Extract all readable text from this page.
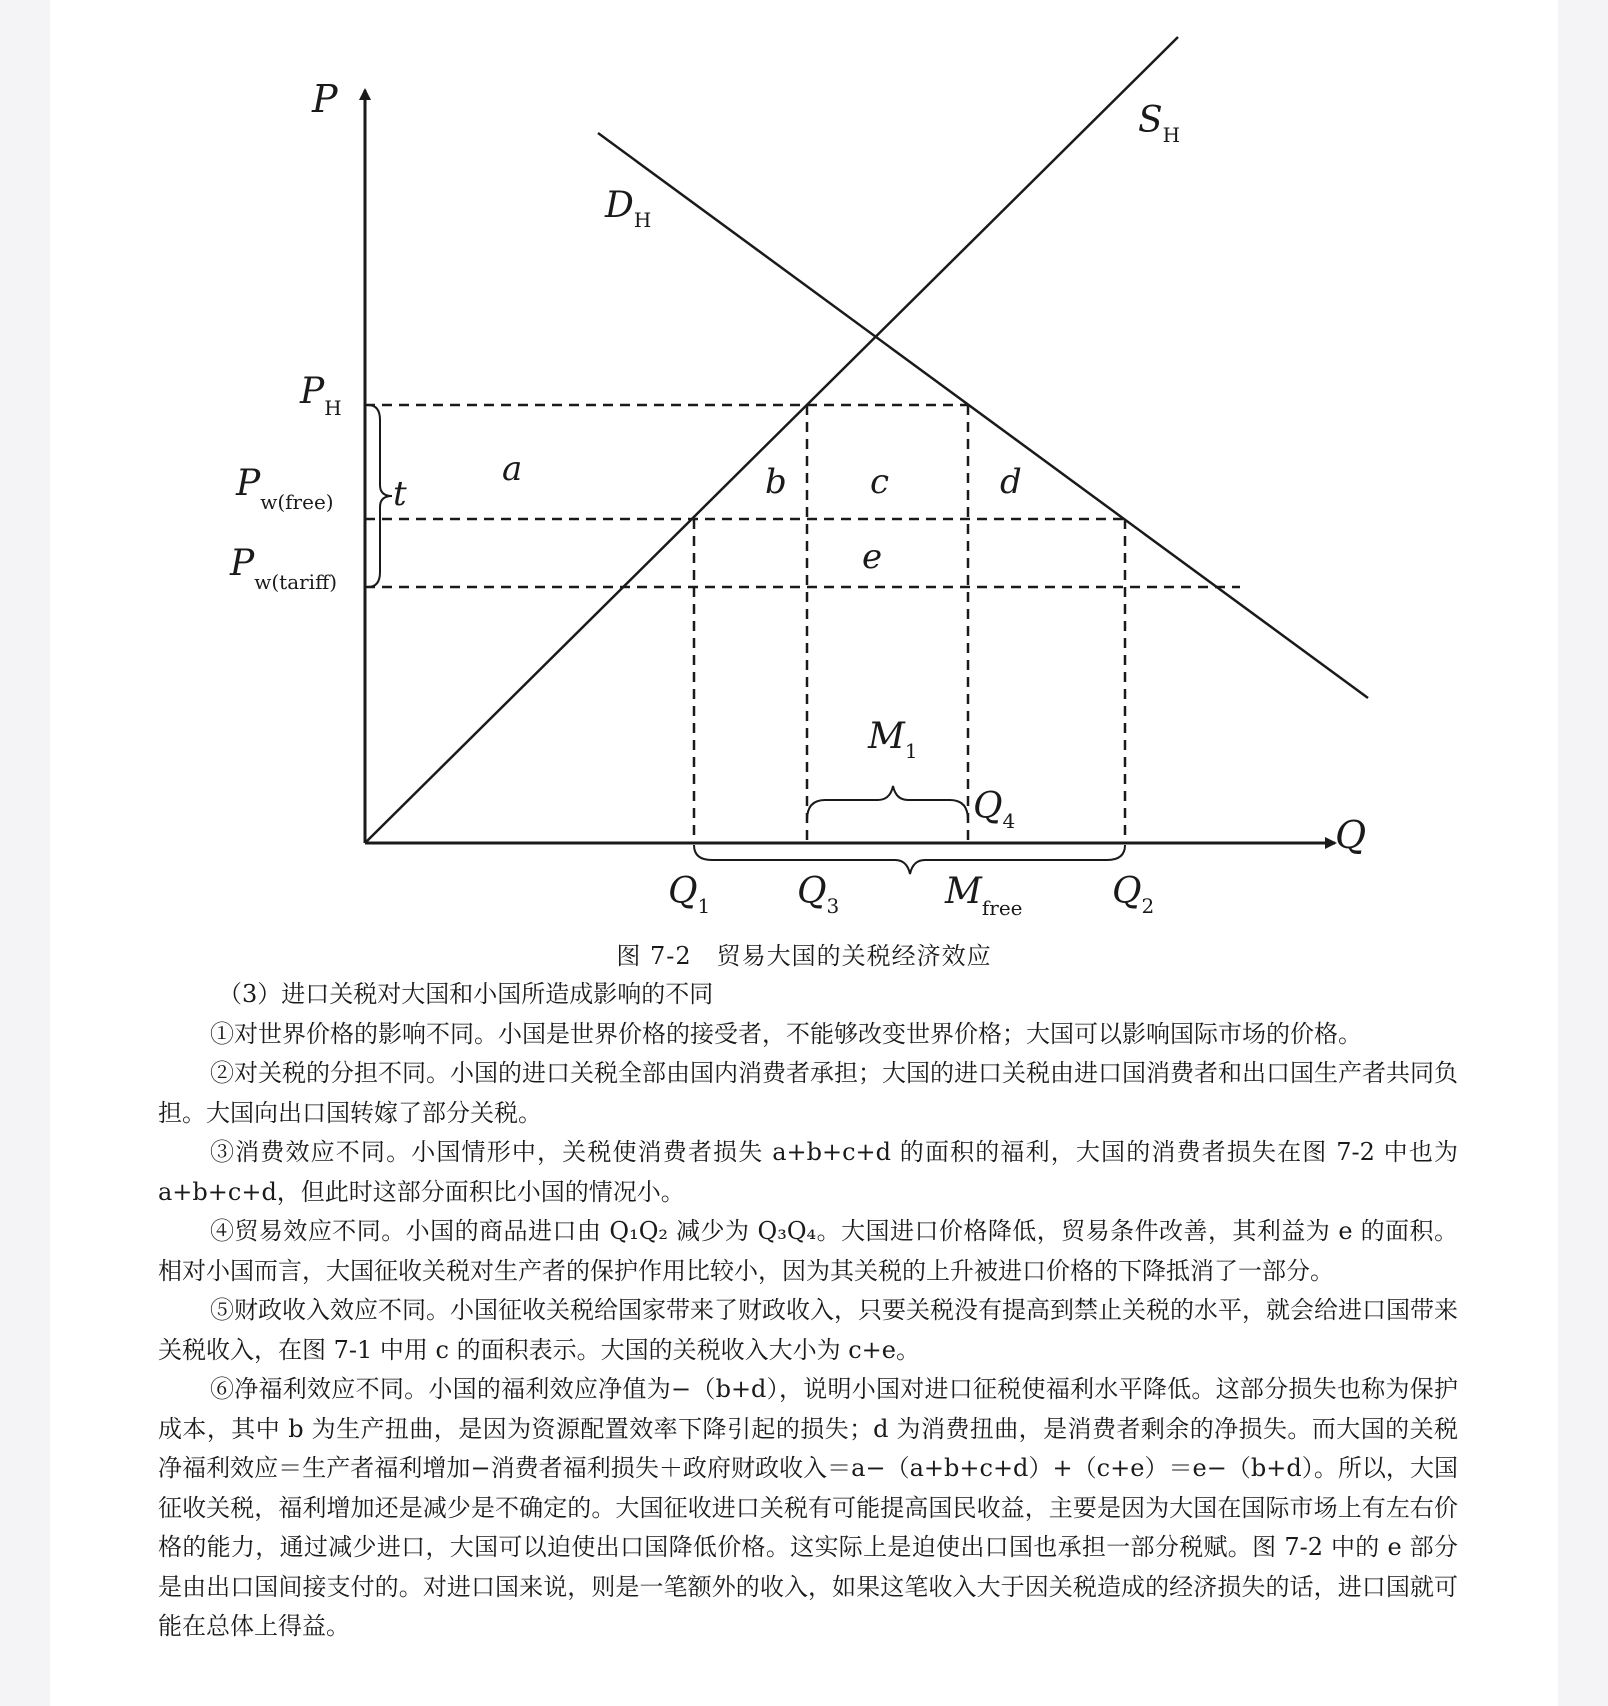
P
Q
$S_H$
$D_H$
$P_H$
$P_{w(free)}$
$P_{w(tariff)}$
t
a	b c	d
e
$Q_1$ $Q_3$	$M_{free}$ $Q_2$
$Q_4$
$M_1$
图 7-2　贸易大国的关税经济效应

（3）进口关税对大国和小国所造成影响的不同

①对世界价格的影响不同。小国是世界价格的接受者，不能够改变世界价格；大国可以影响国际市场的价格。

②对关税的分担不同。小国的进口关税全部由国内消费者承担；大国的进口关税由进口国消费者和出口国生产者共同负担。大国向出口国转嫁了部分关税。

③消费效应不同。小国情形中，关税使消费者损失 a+b+c+d 的面积的福利，大国的消费者损失在图 7-2 中也为 a+b+c+d，但此时这部分面积比小国的情况小。

④贸易效应不同。小国的商品进口由 Q₁Q₂ 减少为 Q₃Q₄。大国进口价格降低，贸易条件改善，其利益为 e 的面积。相对小国而言，大国征收关税对生产者的保护作用比较小，因为其关税的上升被进口价格的下降抵消了一部分。

⑤财政收入效应不同。小国征收关税给国家带来了财政收入，只要关税没有提高到禁止关税的水平，就会给进口国带来关税收入，在图 7-1 中用 c 的面积表示。大国的关税收入大小为 c+e。

⑥净福利效应不同。小国的福利效应净值为−（b+d），说明小国对进口征税使福利水平降低。这部分损失也称为保护成本，其中 b 为生产扭曲，是因为资源配置效率下降引起的损失；d 为消费扭曲，是消费者剩余的净损失。而大国的关税净福利效应＝生产者福利增加−消费者福利损失＋政府财政收入＝a−（a+b+c+d）+（c+e）＝e−（b+d）。所以，大国征收关税，福利增加还是减少是不确定的。大国征收进口关税有可能提高国民收益，主要是因为大国在国际市场上有左右价格的能力，通过减少进口，大国可以迫使出口国降低价格。这实际上是迫使出口国也承担一部分税赋。图 7-2 中的 e 部分是由出口国间接支付的。对进口国来说，则是一笔额外的收入，如果这笔收入大于因关税造成的经济损失的话，进口国就可能在总体上得益。
